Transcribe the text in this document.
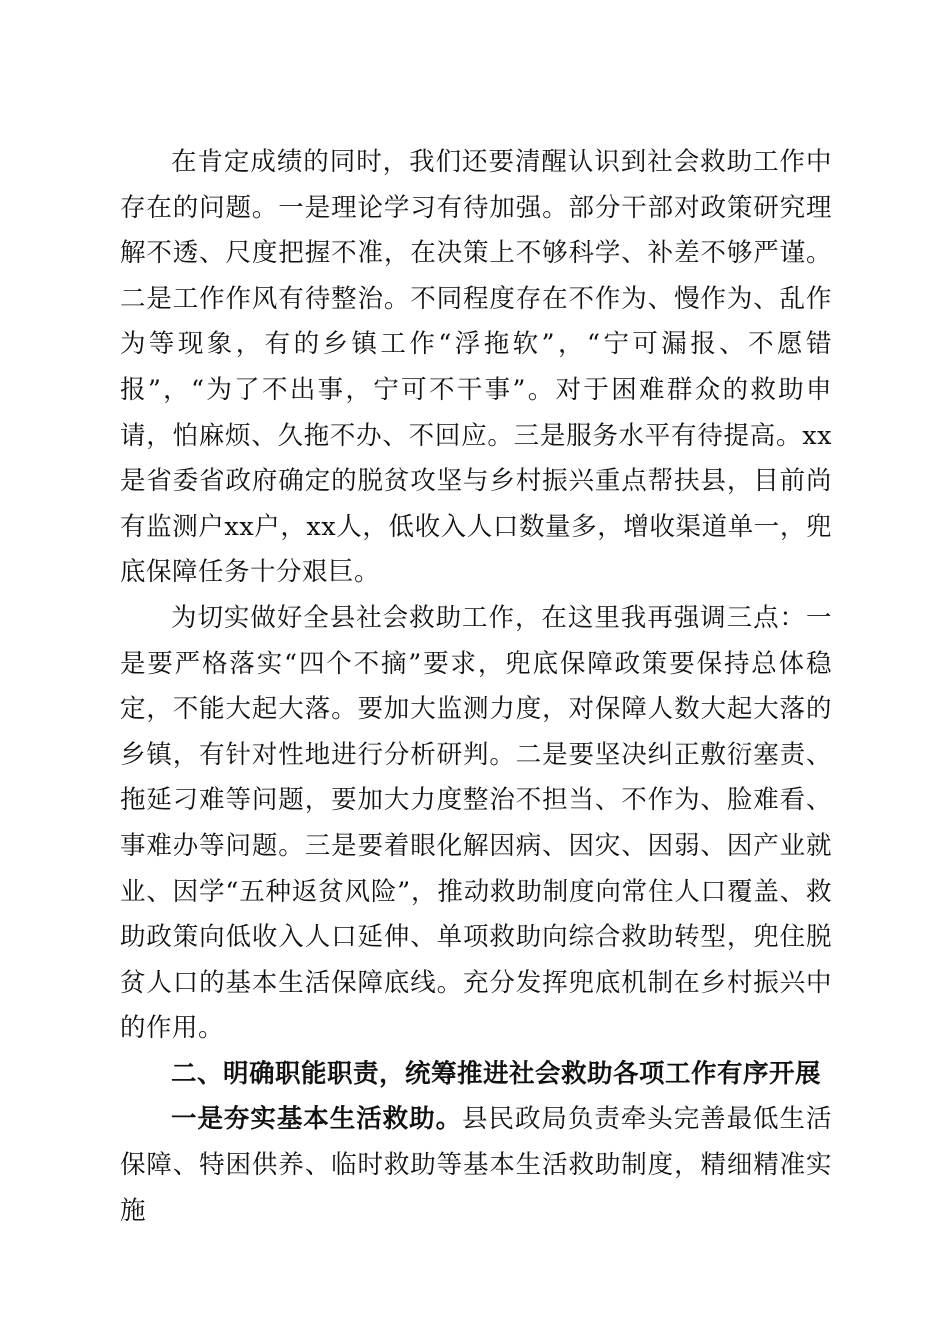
在肯定成绩的同时，我们还要清醒认识到社会救助工作中存在的问题。一是理论学习有待加强。部分干部对政策研究理解不透、尺度把握不准，在决策上不够科学、补差不够严谨。二是工作作风有待整治。不同程度存在不作为、慢作为、乱作为等现象，有的乡镇工作“浮拖软”，“宁可漏报、不愿错报”，“为了不出事，宁可不干事”。对于困难群众的救助申请，怕麻烦、久拖不办、不回应。三是服务水平有待提高。xx是省委省政府确定的脱贫攻坚与乡村振兴重点帮扶县，目前尚有监测户xx户，xx人，低收入人口数量多，增收渠道单一，兜底保障任务十分艰巨。

为切实做好全县社会救助工作，在这里我再强调三点：一是要严格落实“四个不摘”要求，兜底保障政策要保持总体稳定，不能大起大落。要加大监测力度，对保障人数大起大落的乡镇，有针对性地进行分析研判。二是要坚决纠正敷衍塞责、拖延刁难等问题，要加大力度整治不担当、不作为、脸难看、事难办等问题。三是要着眼化解因病、因灾、因弱、因产业就业、因学“五种返贫风险”，推动救助制度向常住人口覆盖、救助政策向低收入人口延伸、单项救助向综合救助转型，兜住脱贫人口的基本生活保障底线。充分发挥兜底机制在乡村振兴中的作用。

二、明确职能职责，统筹推进社会救助各项工作有序开展

一是夯实基本生活救助。县民政局负责牵头完善最低生活保障、特困供养、临时救助等基本生活救助制度，精细精准实施
